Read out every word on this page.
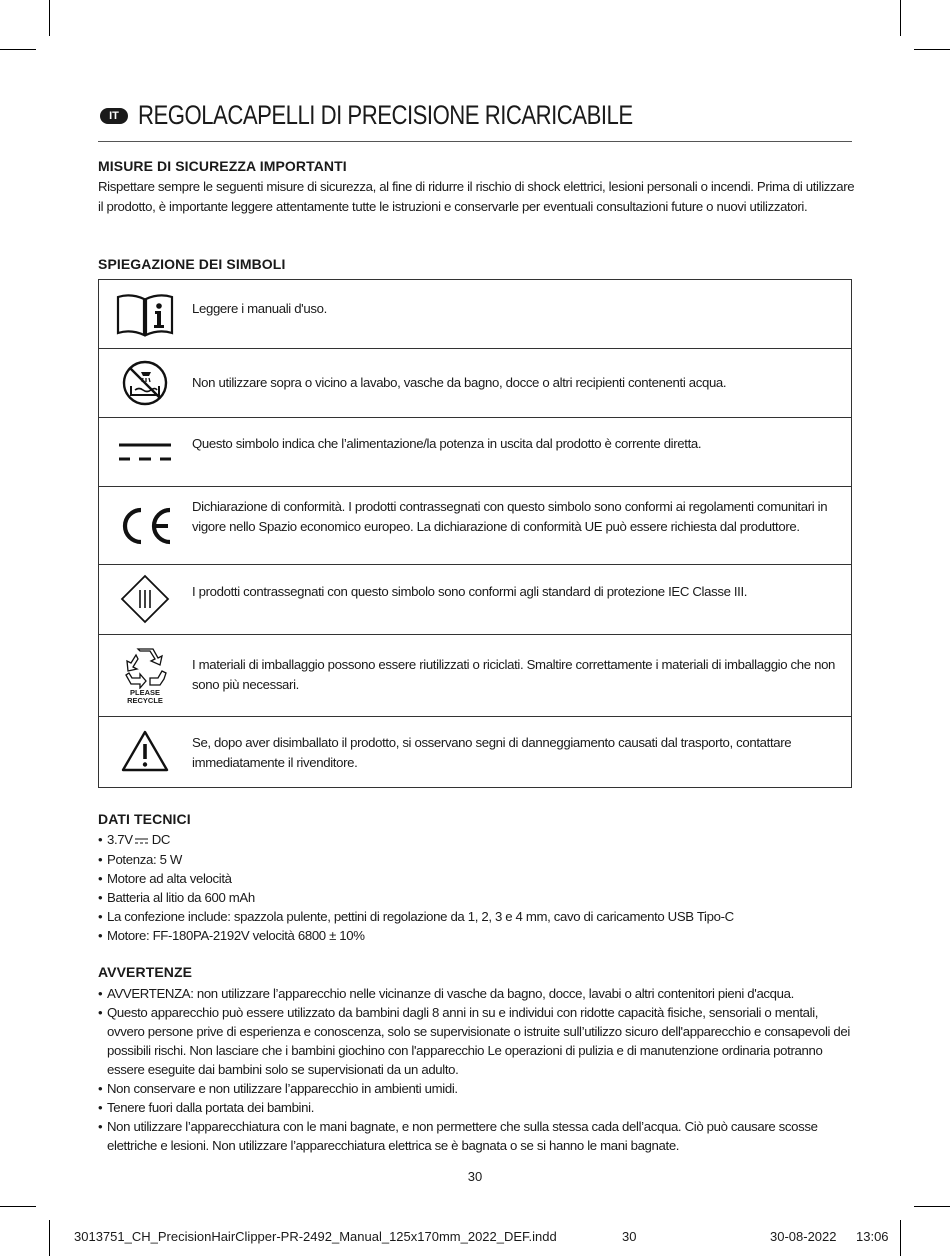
IT REGOLACAPELLI DI PRECISIONE RICARICABILE
MISURE DI SICUREZZA IMPORTANTI
Rispettare sempre le seguenti misure di sicurezza, al fine di ridurre il rischio di shock elettrici, lesioni personali o incendi. Prima di utilizzare il prodotto, è importante leggere attentamente tutte le istruzioni e conservarle per eventuali consultazioni future o nuovi utilizzatori.
SPIEGAZIONE DEI SIMBOLI
Leggere i manuali d'uso.
Non utilizzare sopra o vicino a lavabo, vasche da bagno, docce o altri recipienti contenenti acqua.
Questo simbolo indica che l’alimentazione/la potenza in uscita dal prodotto è corrente diretta.
Dichiarazione di conformità. I prodotti contrassegnati con questo simbolo sono conformi ai regolamenti comunitari in vigore nello Spazio economico europeo. La dichiarazione di conformità UE può essere richiesta dal produttore.
I prodotti contrassegnati con questo simbolo sono conformi agli standard di protezione IEC Classe III.
PLEASE
RECYCLE
I materiali di imballaggio possono essere riutilizzati o riciclati. Smaltire correttamente i materiali di imballaggio che non sono più necessari.
Se, dopo aver disimballato il prodotto, si osservano segni di danneggiamento causati dal trasporto, contattare immediatamente il rivenditore.
DATI TECNICI
• 3.7V DC
• Potenza: 5 W
• Motore ad alta velocità
• Batteria al litio da 600 mAh
• La confezione include: spazzola pulente, pettini di regolazione da 1, 2, 3 e 4 mm, cavo di caricamento USB Tipo-C
• Motore: FF-180PA-2192V velocità 6800 ± 10%
AVVERTENZE
• AVVERTENZA: non utilizzare l’apparecchio nelle vicinanze di vasche da bagno, docce, lavabi o altri contenitori pieni d'acqua.
• Questo apparecchio può essere utilizzato da bambini dagli 8 anni in su e individui con ridotte capacità fisiche, sensoriali o mentali, ovvero persone prive di esperienza e conoscenza, solo se supervisionate o istruite sull’utilizzo sicuro dell'apparecchio e consapevoli dei possibili rischi. Non lasciare che i bambini giochino con l'apparecchio Le operazioni di pulizia e di manutenzione ordinaria potranno essere eseguite dai bambini solo se supervisionati da un adulto.
• Non conservare e non utilizzare l’apparecchio in ambienti umidi.
• Tenere fuori dalla portata dei bambini.
• Non utilizzare l’apparecchiatura con le mani bagnate, e non permettere che sulla stessa cada dell’acqua. Ciò può causare scosse elettriche e lesioni. Non utilizzare l’apparecchiatura elettrica se è bagnata o se si hanno le mani bagnate.
30
3013751_CH_PrecisionHairClipper-PR-2492_Manual_125x170mm_2022_DEF.indd	30	30-08-2022 13:06
